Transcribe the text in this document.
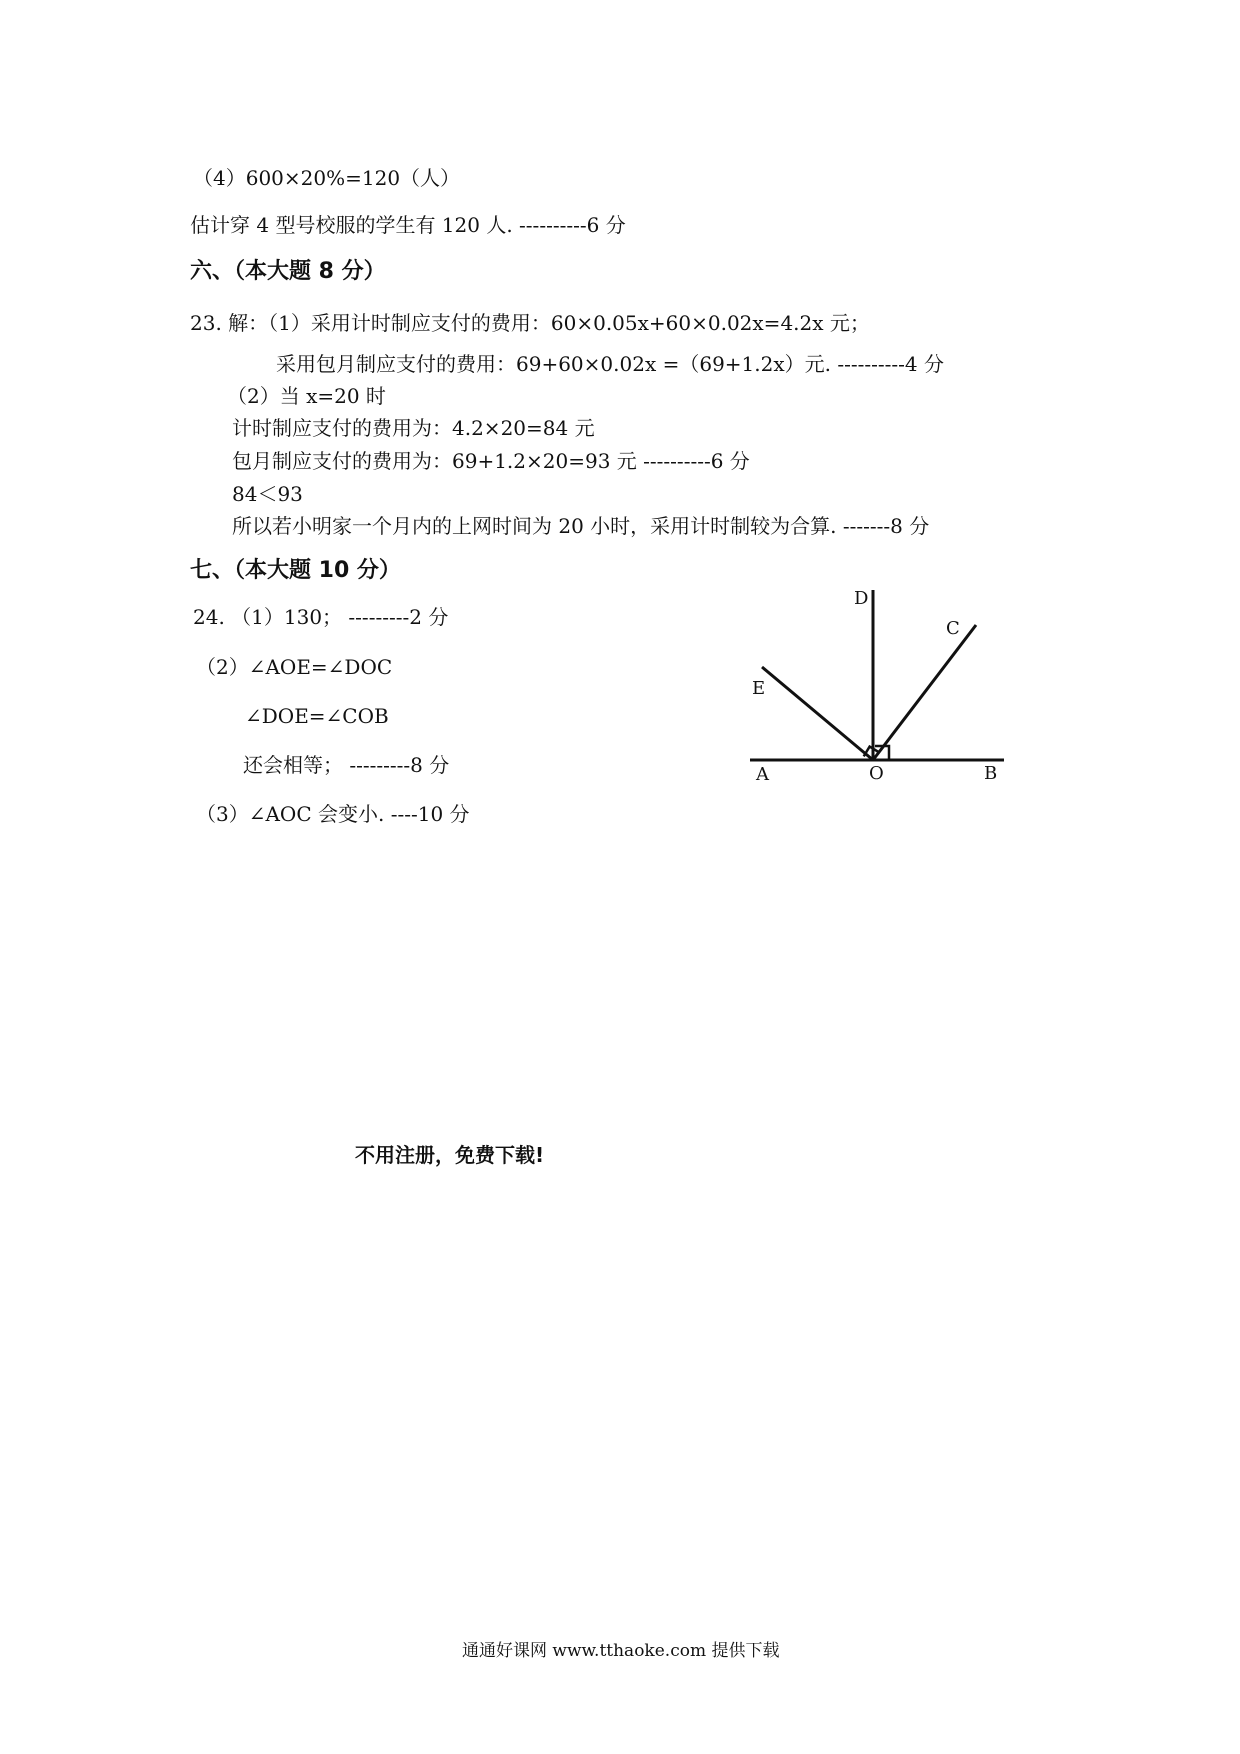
（4）600×20%=120（人）
估计穿 4 型号校服的学生有 120 人. ----------6 分
六、（本大题 8 分）
23. 解：（1）采用计时制应支付的费用：60×0.05x+60×0.02x=4.2x 元；
采用包月制应支付的费用：69+60×0.02x =（69+1.2x）元. ----------4 分
（2）当 x=20 时
计时制应支付的费用为：4.2×20=84 元
包月制应支付的费用为：69+1.2×20=93 元 ----------6 分
84＜93
所以若小明家一个月内的上网时间为 20 小时，采用计时制较为合算. -------8 分
七、（本大题 10 分）
24. （1）130； ---------2 分
（2）∠AOE=∠DOC
∠DOE=∠COB
还会相等； ---------8 分
（3）∠AOC 会变小. ----10 分
A	O	B
C
D
E
不用注册，免费下载!
通通好课网 www.tthaoke.com 提供下载
